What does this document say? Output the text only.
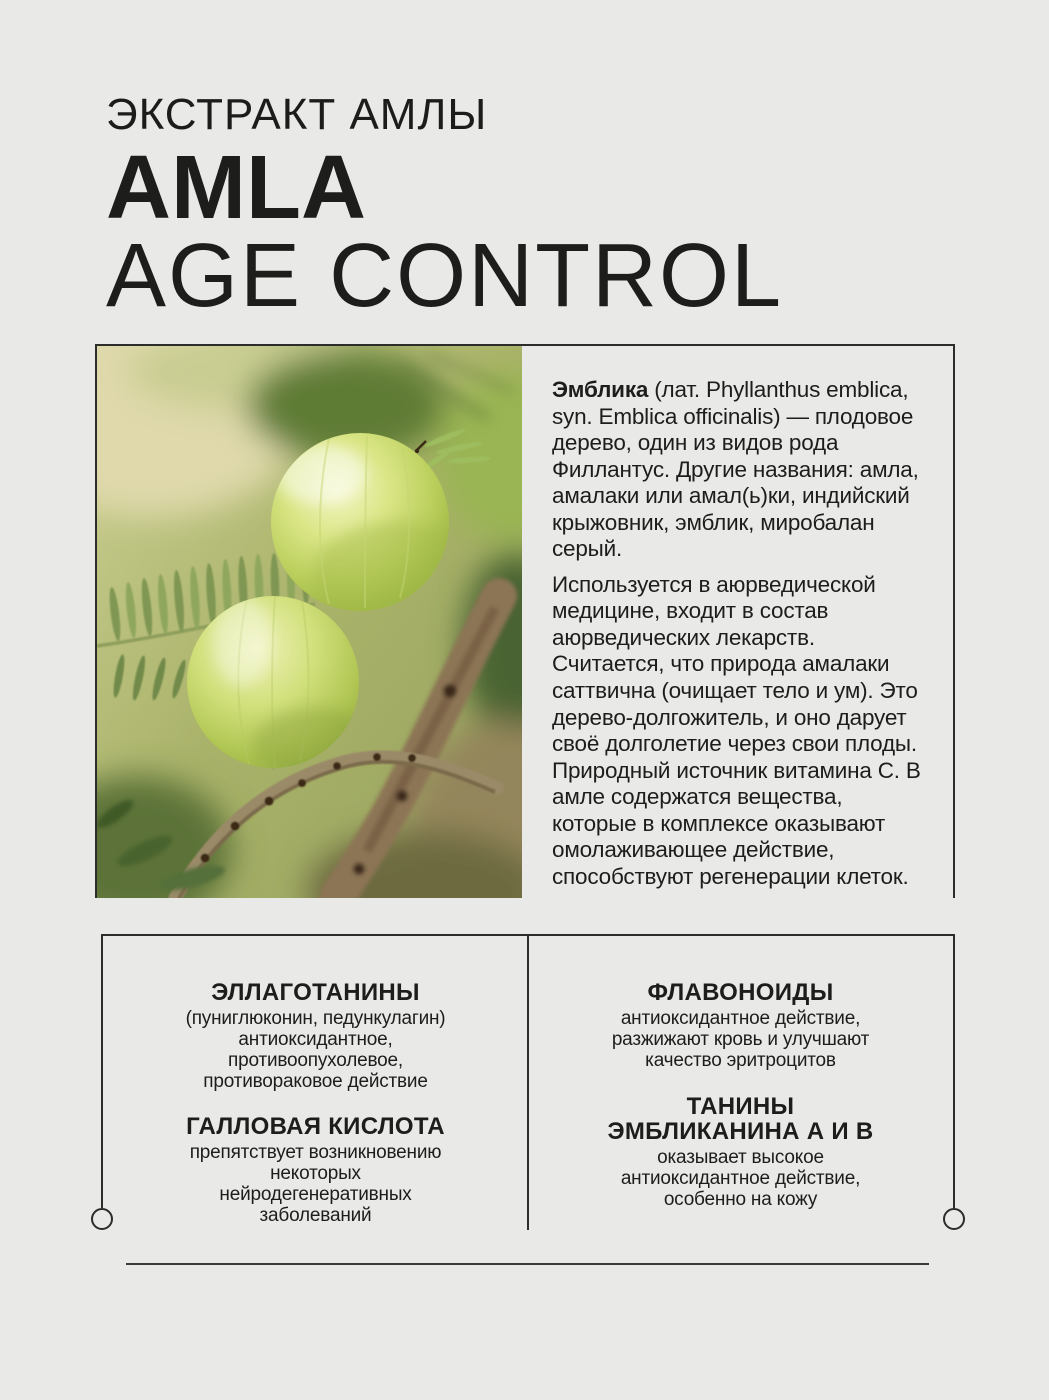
ЭКСТРАКТ АМЛЫ
AMLA
AGE CONTROL

Эмблика (лат. Phyllanthus emblica, syn. Emblica officinalis) — плодовое дерево, один из видов рода Филлантус. Другие названия: амла, амалаки или амал(ь)ки, индийский крыжовник, эмблик, миробалан серый.

Используется в аюрведической медицине, входит в состав аюрведических лекарств. Считается, что природа амалаки саттвична (очищает тело и ум). Это дерево-долгожитель, и оно дарует своё долголетие через свои плоды. Природный источник витамина С. В амле содержатся вещества, которые в комплексе оказывают омолаживающее действие, способствуют регенерации клеток.

ЭЛЛАГОТАНИНЫ
(пуниглюконин, педункулагин) антиоксидантное, противоопухолевое, противораковое действие
ГАЛЛОВАЯ КИСЛОТА
препятствует возникновению некоторых нейродегенеративных заболеваний
ФЛАВОНОИДЫ
антиоксидантное действие, разжижают кровь и улучшают качество эритроцитов
ТАНИНЫ ЭМБЛИКАНИНА А И В
оказывает высокое антиоксидантное действие, особенно на кожу
